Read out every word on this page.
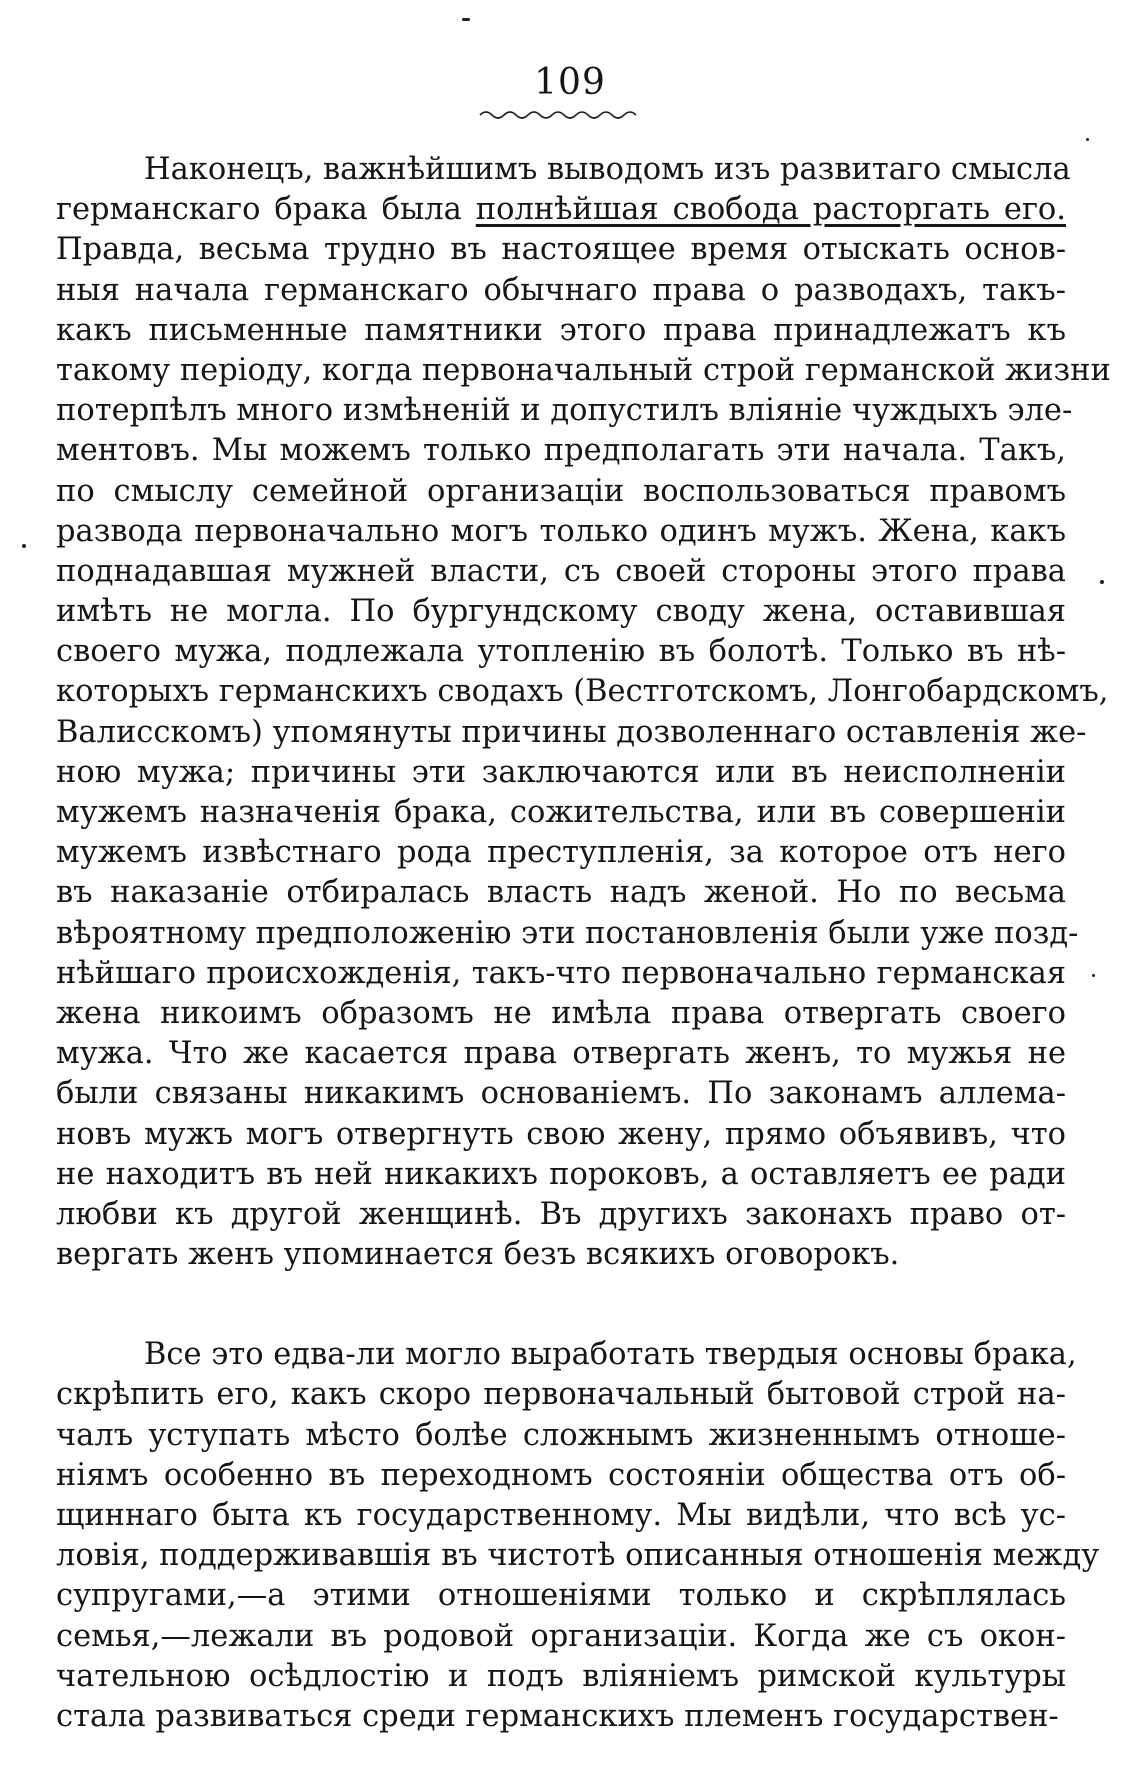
109
Наконецъ, важнѣйшимъ выводомъ изъ развитаго смысла
германскаго брака была полнѣйшая свобода расторгать его.
Правда, весьма трудно въ настоящее время отыскать основ-
ныя начала германскаго обычнаго права о разводахъ, такъ-
какъ письменные памятники этого права принадлежатъ къ
такому періоду, когда первоначальный строй германской жизни
потерпѣлъ много измѣненій и допустилъ вліяніе чуждыхъ эле-
ментовъ. Мы можемъ только предполагать эти начала. Такъ,
по смыслу семейной организаціи воспользоваться правомъ
развода первоначально могъ только одинъ мужъ. Жена, какъ
поднадавшая мужней власти, съ своей стороны этого права
имѣть не могла. По бургундскому своду жена, оставившая
своего мужа, подлежала утопленію въ болотѣ. Только въ нѣ-
которыхъ германскихъ сводахъ (Вестготскомъ, Лонгобардскомъ,
Валисскомъ) упомянуты причины дозволеннаго оставленія же-
ною мужа; причины эти заключаются или въ неисполненіи
мужемъ назначенія брака, сожительства, или въ совершеніи
мужемъ извѣстнаго рода преступленія, за которое отъ него
въ наказаніе отбиралась власть надъ женой. Но по весьма
вѣроятному предположенію эти постановленія были уже позд-
нѣйшаго происхожденія, такъ-что первоначально германская
жена никоимъ образомъ не имѣла права отвергать своего
мужа. Что же касается права отвергать женъ, то мужья не
были связаны никакимъ основаніемъ. По законамъ аллема-
новъ мужъ могъ отвергнуть свою жену, прямо объявивъ, что
не находитъ въ ней никакихъ пороковъ, а оставляетъ ее ради
любви къ другой женщинѣ. Въ другихъ законахъ право от-
вергать женъ упоминается безъ всякихъ оговорокъ.
Все это едва-ли могло выработать твердыя основы брака,
скрѣпить его, какъ скоро первоначальный бытовой строй на-
чалъ уступать мѣсто болѣе сложнымъ жизненнымъ отноше-
ніямъ особенно въ переходномъ состояніи общества отъ об-
щиннаго быта къ государственному. Мы видѣли, что всѣ ус-
ловія, поддерживавшія въ чистотѣ описанныя отношенія между
супругами,—а этими отношеніями только и скрѣплялась
семья,—лежали въ родовой организаціи. Когда же съ окон-
чательною осѣдлостію и подъ вліяніемъ римской культуры
стала развиваться среди германскихъ племенъ государствен-
